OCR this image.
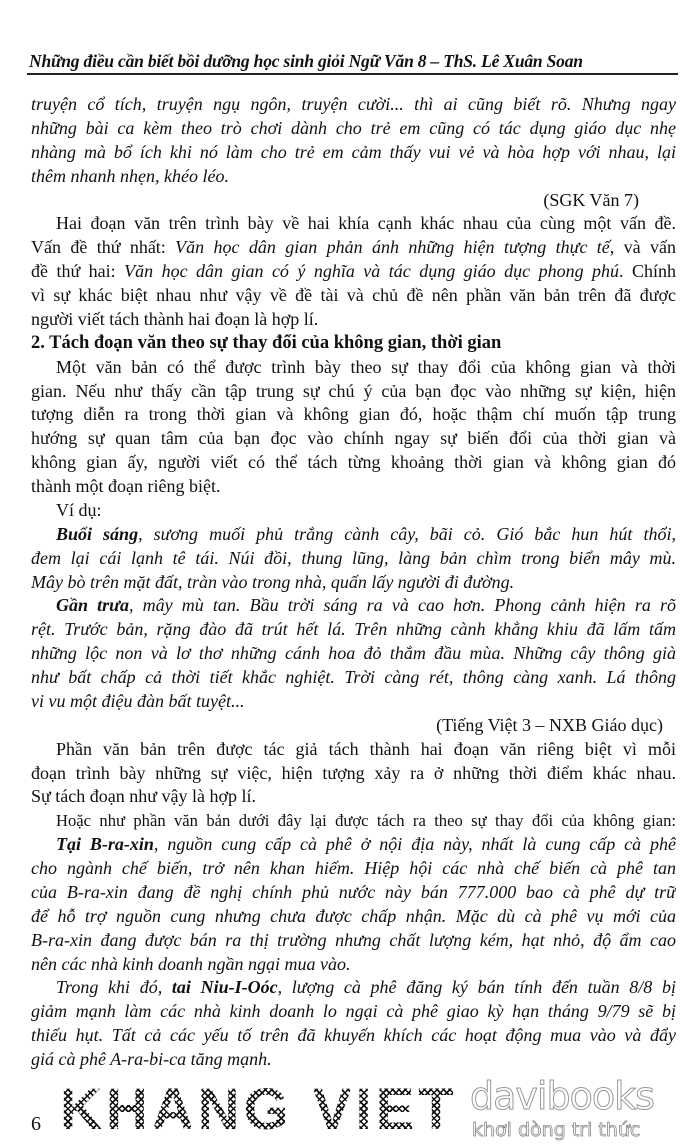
Những điều cần biết bồi dưỡng học sinh giỏi Ngữ Văn 8 – ThS. Lê Xuân Soan
truyện cổ tích, truyện ngụ ngôn, truyện cười... thì ai cũng biết rõ. Nhưng ngay
những bài ca kèm theo trò chơi dành cho trẻ em cũng có tác dụng giáo dục nhẹ
nhàng mà bổ ích khi nó làm cho trẻ em cảm thấy vui vẻ và hòa hợp với nhau, lại
thêm nhanh nhẹn, khéo léo.
(SGK Văn 7)
Hai đoạn văn trên trình bày về hai khía cạnh khác nhau của cùng một vấn đề.
Vấn đề thứ nhất: Văn học dân gian phản ánh những hiện tượng thực tế, và vấn
đề thứ hai: Văn học dân gian có ý nghĩa và tác dụng giáo dục phong phú. Chính
vì sự khác biệt nhau như vậy về đề tài và chủ đề nên phần văn bản trên đã được
người viết tách thành hai đoạn là hợp lí.
2. Tách đoạn văn theo sự thay đổi của không gian, thời gian
Một văn bản có thể được trình bày theo sự thay đổi của không gian và thời
gian. Nếu như thấy cần tập trung sự chú ý của bạn đọc vào những sự kiện, hiện
tượng diễn ra trong thời gian và không gian đó, hoặc thậm chí muốn tập trung
hướng sự quan tâm của bạn đọc vào chính ngay sự biến đổi của thời gian và
không gian ấy, người viết có thể tách từng khoảng thời gian và không gian đó
thành một đoạn riêng biệt.
Ví dụ:
Buổi sáng, sương muối phủ trắng cành cây, bãi cỏ. Gió bắc hun hút thổi,
đem lại cái lạnh tê tái. Núi đồi, thung lũng, làng bản chìm trong biển mây mù.
Mây bò trên mặt đất, tràn vào trong nhà, quấn lấy người đi đường.
Gần trưa, mây mù tan. Bầu trời sáng ra và cao hơn. Phong cảnh hiện ra rõ
rệt. Trước bản, rặng đào đã trút hết lá. Trên những cành khẳng khiu đã lấm tấm
những lộc non và lơ thơ những cánh hoa đỏ thắm đầu mùa. Những cây thông già
như bất chấp cả thời tiết khắc nghiệt. Trời càng rét, thông càng xanh. Lá thông
vi vu một điệu đàn bất tuyệt...
(Tiếng Việt 3 – NXB Giáo dục)
Phần văn bản trên được tác giả tách thành hai đoạn văn riêng biệt vì mỗi
đoạn trình bày những sự việc, hiện tượng xảy ra ở những thời điểm khác nhau.
Sự tách đoạn như vậy là hợp lí.
Hoặc như phần văn bản dưới đây lại được tách ra theo sự thay đổi của không gian:
Tại B-ra-xin, nguồn cung cấp cà phê ở nội địa này, nhất là cung cấp cà phê
cho ngành chế biến, trở nên khan hiếm. Hiệp hội các nhà chế biến cà phê tan
của B-ra-xin đang đề nghị chính phủ nước này bán 777.000 bao cà phê dự trữ
để hỗ trợ nguồn cung nhưng chưa được chấp nhận. Mặc dù cà phê vụ mới của
B-ra-xin đang được bán ra thị trường nhưng chất lượng kém, hạt nhỏ, độ ẩm cao
nên các nhà kinh doanh ngần ngại mua vào.
Trong khi đó, tai Niu-I-Oóc, lượng cà phê đăng ký bán tính đến tuần 8/8 bị
giảm mạnh làm các nhà kinh doanh lo ngại cà phê giao kỳ hạn tháng 9/79 sẽ bị
thiếu hụt. Tất cả các yếu tố trên đã khuyến khích các hoạt động mua vào và đẩy
giá cà phê A-ra-bi-ca tăng mạnh.
6 KHANG VIET davibooks
khơi dòng tri thức
